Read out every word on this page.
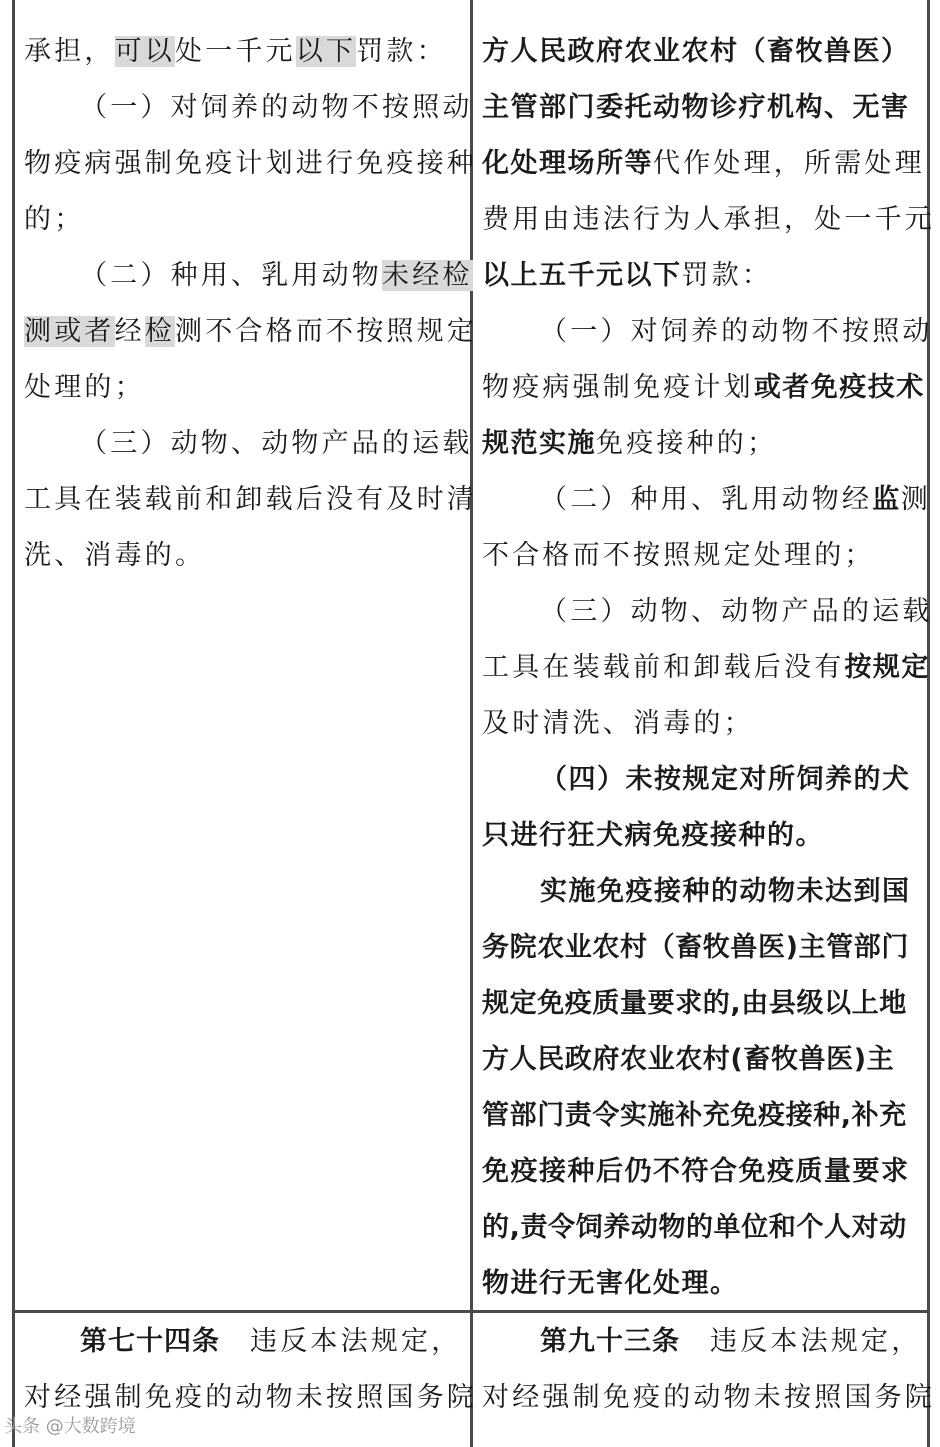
承担，可以处一千元以下罚款：
（一）对饲养的动物不按照动
物疫病强制免疫计划进行免疫接种
的；
（二）种用、乳用动物未经检
测或者经检测不合格而不按照规定
处理的；
（三）动物、动物产品的运载
工具在装载前和卸载后没有及时清
洗、消毒的。
方人民政府农业农村（畜牧兽医）
主管部门委托动物诊疗机构、无害
化处理场所等代作处理，所需处理
费用由违法行为人承担，处一千元
以上五千元以下罚款：
（一）对饲养的动物不按照动
物疫病强制免疫计划或者免疫技术
规范实施免疫接种的；
（二）种用、乳用动物经监测
不合格而不按照规定处理的；
（三）动物、动物产品的运载
工具在装载前和卸载后没有按规定
及时清洗、消毒的；
（四）未按规定对所饲养的犬
只进行狂犬病免疫接种的。
实施免疫接种的动物未达到国
务院农业农村（畜牧兽医)主管部门
规定免疫质量要求的,由县级以上地
方人民政府农业农村(畜牧兽医)主
管部门责令实施补充免疫接种,补充
免疫接种后仍不符合免疫质量要求
的,责令饲养动物的单位和个人对动
物进行无害化处理。
第七十四条 违反本法规定，
对经强制免疫的动物未按照国务院
第九十三条 违反本法规定，
对经强制免疫的动物未按照国务院
头条 @大数跨境
